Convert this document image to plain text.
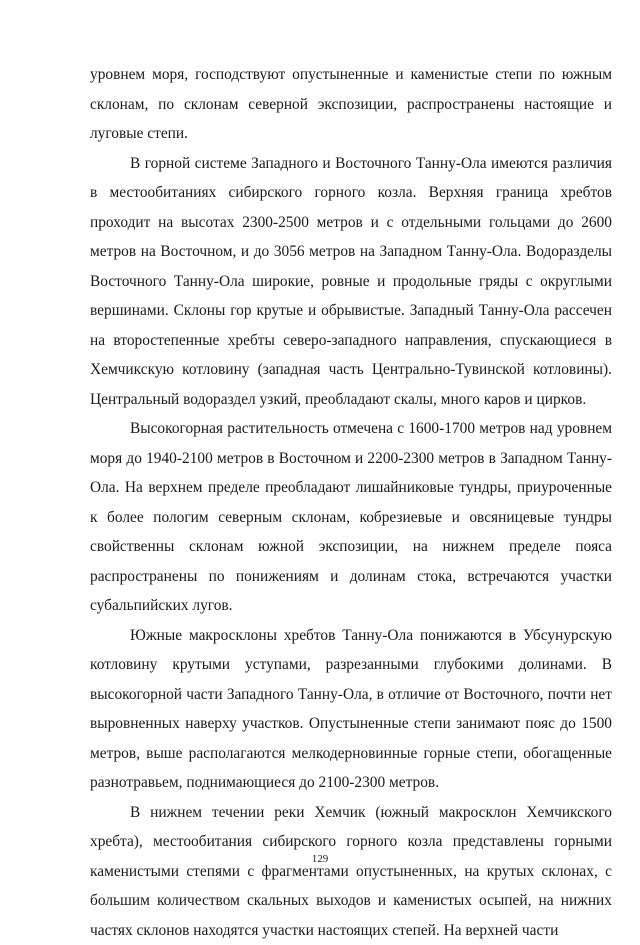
уровнем моря, господствуют опустыненные и каменистые степи по южным склонам, по склонам северной экспозиции, распространены настоящие и луговые степи.

В горной системе Западного и Восточного Танну-Ола имеются различия в местообитаниях сибирского горного козла. Верхняя граница хребтов проходит на высотах 2300-2500 метров и с отдельными гольцами до 2600 метров на Восточном, и до 3056 метров на Западном Танну-Ола. Водоразделы Восточного Танну-Ола широкие, ровные и продольные гряды с округлыми вершинами. Склоны гор крутые и обрывистые. Западный Танну-Ола рассечен на второстепенные хребты северо-западного направления, спускающиеся в Хемчикскую котловину (западная часть Центрально-Тувинской котловины). Центральный водораздел узкий, преобладают скалы, много каров и цирков.

Высокогорная растительность отмечена с 1600-1700 метров над уровнем моря до 1940-2100 метров в Восточном и 2200-2300 метров в Западном Танну-Ола. На верхнем пределе преобладают лишайниковые тундры, приуроченные к более пологим северным склонам, кобрезиевые и овсяницевые тундры свойственны склонам южной экспозиции, на нижнем пределе пояса распространены по понижениям и долинам стока, встречаются участки субальпийских лугов.

Южные макросклоны хребтов Танну-Ола понижаются в Убсунурскую котловину крутыми уступами, разрезанными глубокими долинами. В высокогорной части Западного Танну-Ола, в отличие от Восточного, почти нет выровненных наверху участков. Опустыненные степи занимают пояс до 1500 метров, выше располагаются мелкодерновинные горные степи, обогащенные разнотравьем, поднимающиеся до 2100-2300 метров.

В нижнем течении реки Хемчик (южный макросклон Хемчикского хребта), местообитания сибирского горного козла представлены горными каменистыми степями с фрагментами опустыненных, на крутых склонах, с большим количеством скальных выходов и каменистых осыпей, на нижних частях склонов находятся участки настоящих степей. На верхней части

129
